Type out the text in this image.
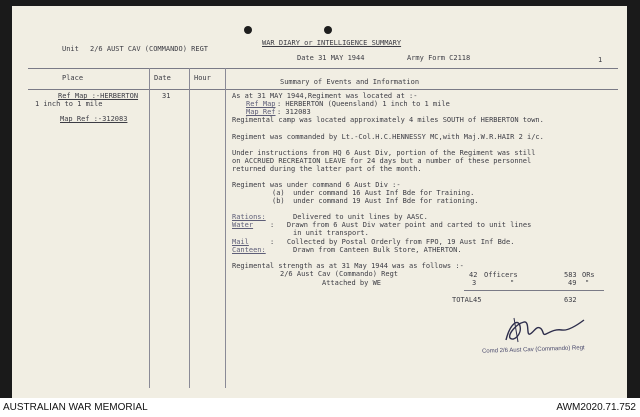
Unit 2/6 AUST CAV (COMMANDO) REGT
WAR DIARY or INTELLIGENCE SUMMARY
Date 31 MAY 1944	Army Form C2118	1
Place	Date	Hour	Summary of Events and Information
Ref Map :-HERBERTON
1 inch to 1 mile
Map Ref :-312083
31	As at 31 MAY 1944,Regiment was located at :-
Ref Map : HERBERTON (Queensland) 1 inch to 1 mile
Map Ref : 312083
Regimental camp was located approximately 4 miles SOUTH of HERBERTON town.
Regiment was commanded by Lt.-Col.H.C.HENNESSY MC,with Maj.W.R.HAIR 2 i/c.
Under instructions from HQ 6 Aust Div, portion of the Regiment was still
on ACCRUED RECREATION LEAVE for 24 days but a number of these personnel
returned during the latter part of the month.
Regiment was under command 6 Aust Div :-
(a)  under command 16 Aust Inf Bde for Training.
(b)  under command 19 Aust Inf Bde for rationing.
Rations:	Delivered to unit lines by AASC.
Water :   Drawn from 6 Aust Div water point and carted to unit lines
in unit transport.
Mail	:   Collected by Postal Orderly from FPO, 19 Aust Inf Bde.
Canteen:	Drawn from Canteen Bulk Store, ATHERTON.
Regimental strength as at 31 May 1944 was as follows :-
2/6 Aust Cav (Commando) Regt
Attached by WE
42 Officers	583 ORs
3	"	49 "
TOTAL 45	632
Comd 2/6 Aust Cav (Commando) Regt
AUSTRALIAN WAR MEMORIAL	AWM2020.71.752
